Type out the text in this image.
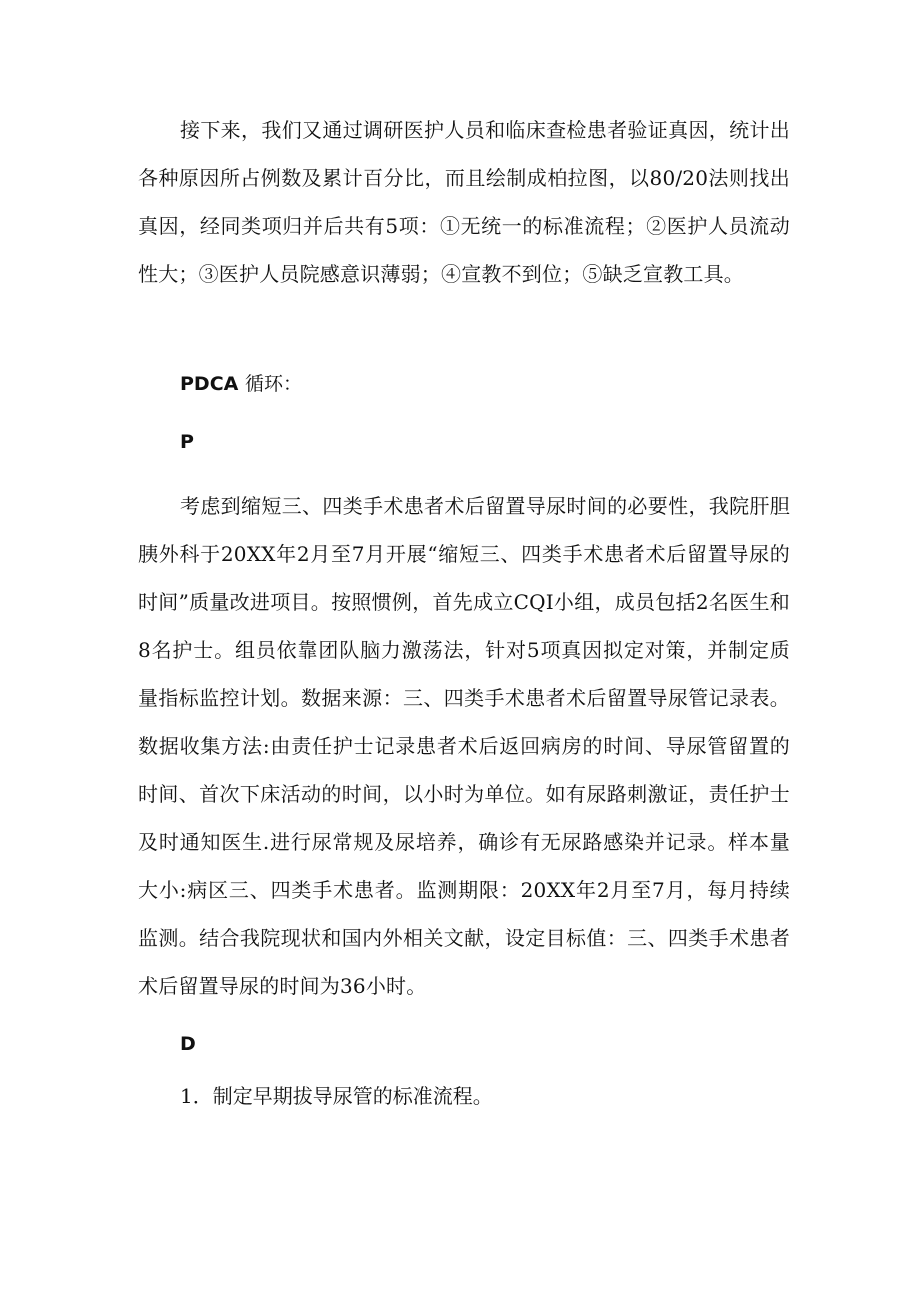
接下来，我们又通过调研医护人员和临床查检患者验证真因，统计出各种原因所占例数及累计百分比，而且绘制成柏拉图，以80/20法则找出真因，经同类项归并后共有5项：①无统一的标准流程；②医护人员流动性大；③医护人员院感意识薄弱；④宣教不到位；⑤缺乏宣教工具。

PDCA 循环：

P

考虑到缩短三、四类手术患者术后留置导尿时间的必要性，我院肝胆胰外科于20XX年2月至7月开展“缩短三、四类手术患者术后留置导尿的时间”质量改进项目。按照惯例，首先成立CQI小组，成员包括2名医生和8名护士。组员依靠团队脑力激荡法，针对5项真因拟定对策，并制定质量指标监控计划。数据来源：三、四类手术患者术后留置导尿管记录表。数据收集方法:由责任护士记录患者术后返回病房的时间、导尿管留置的时间、首次下床活动的时间，以小时为单位。如有尿路刺激证，责任护士及时通知医生.进行尿常规及尿培养，确诊有无尿路感染并记录。样本量大小:病区三、四类手术患者。监测期限：20XX年2月至7月，每月持续监测。结合我院现状和国内外相关文献，设定目标值：三、四类手术患者术后留置导尿的时间为36小时。

D

1．制定早期拔导尿管的标准流程。
